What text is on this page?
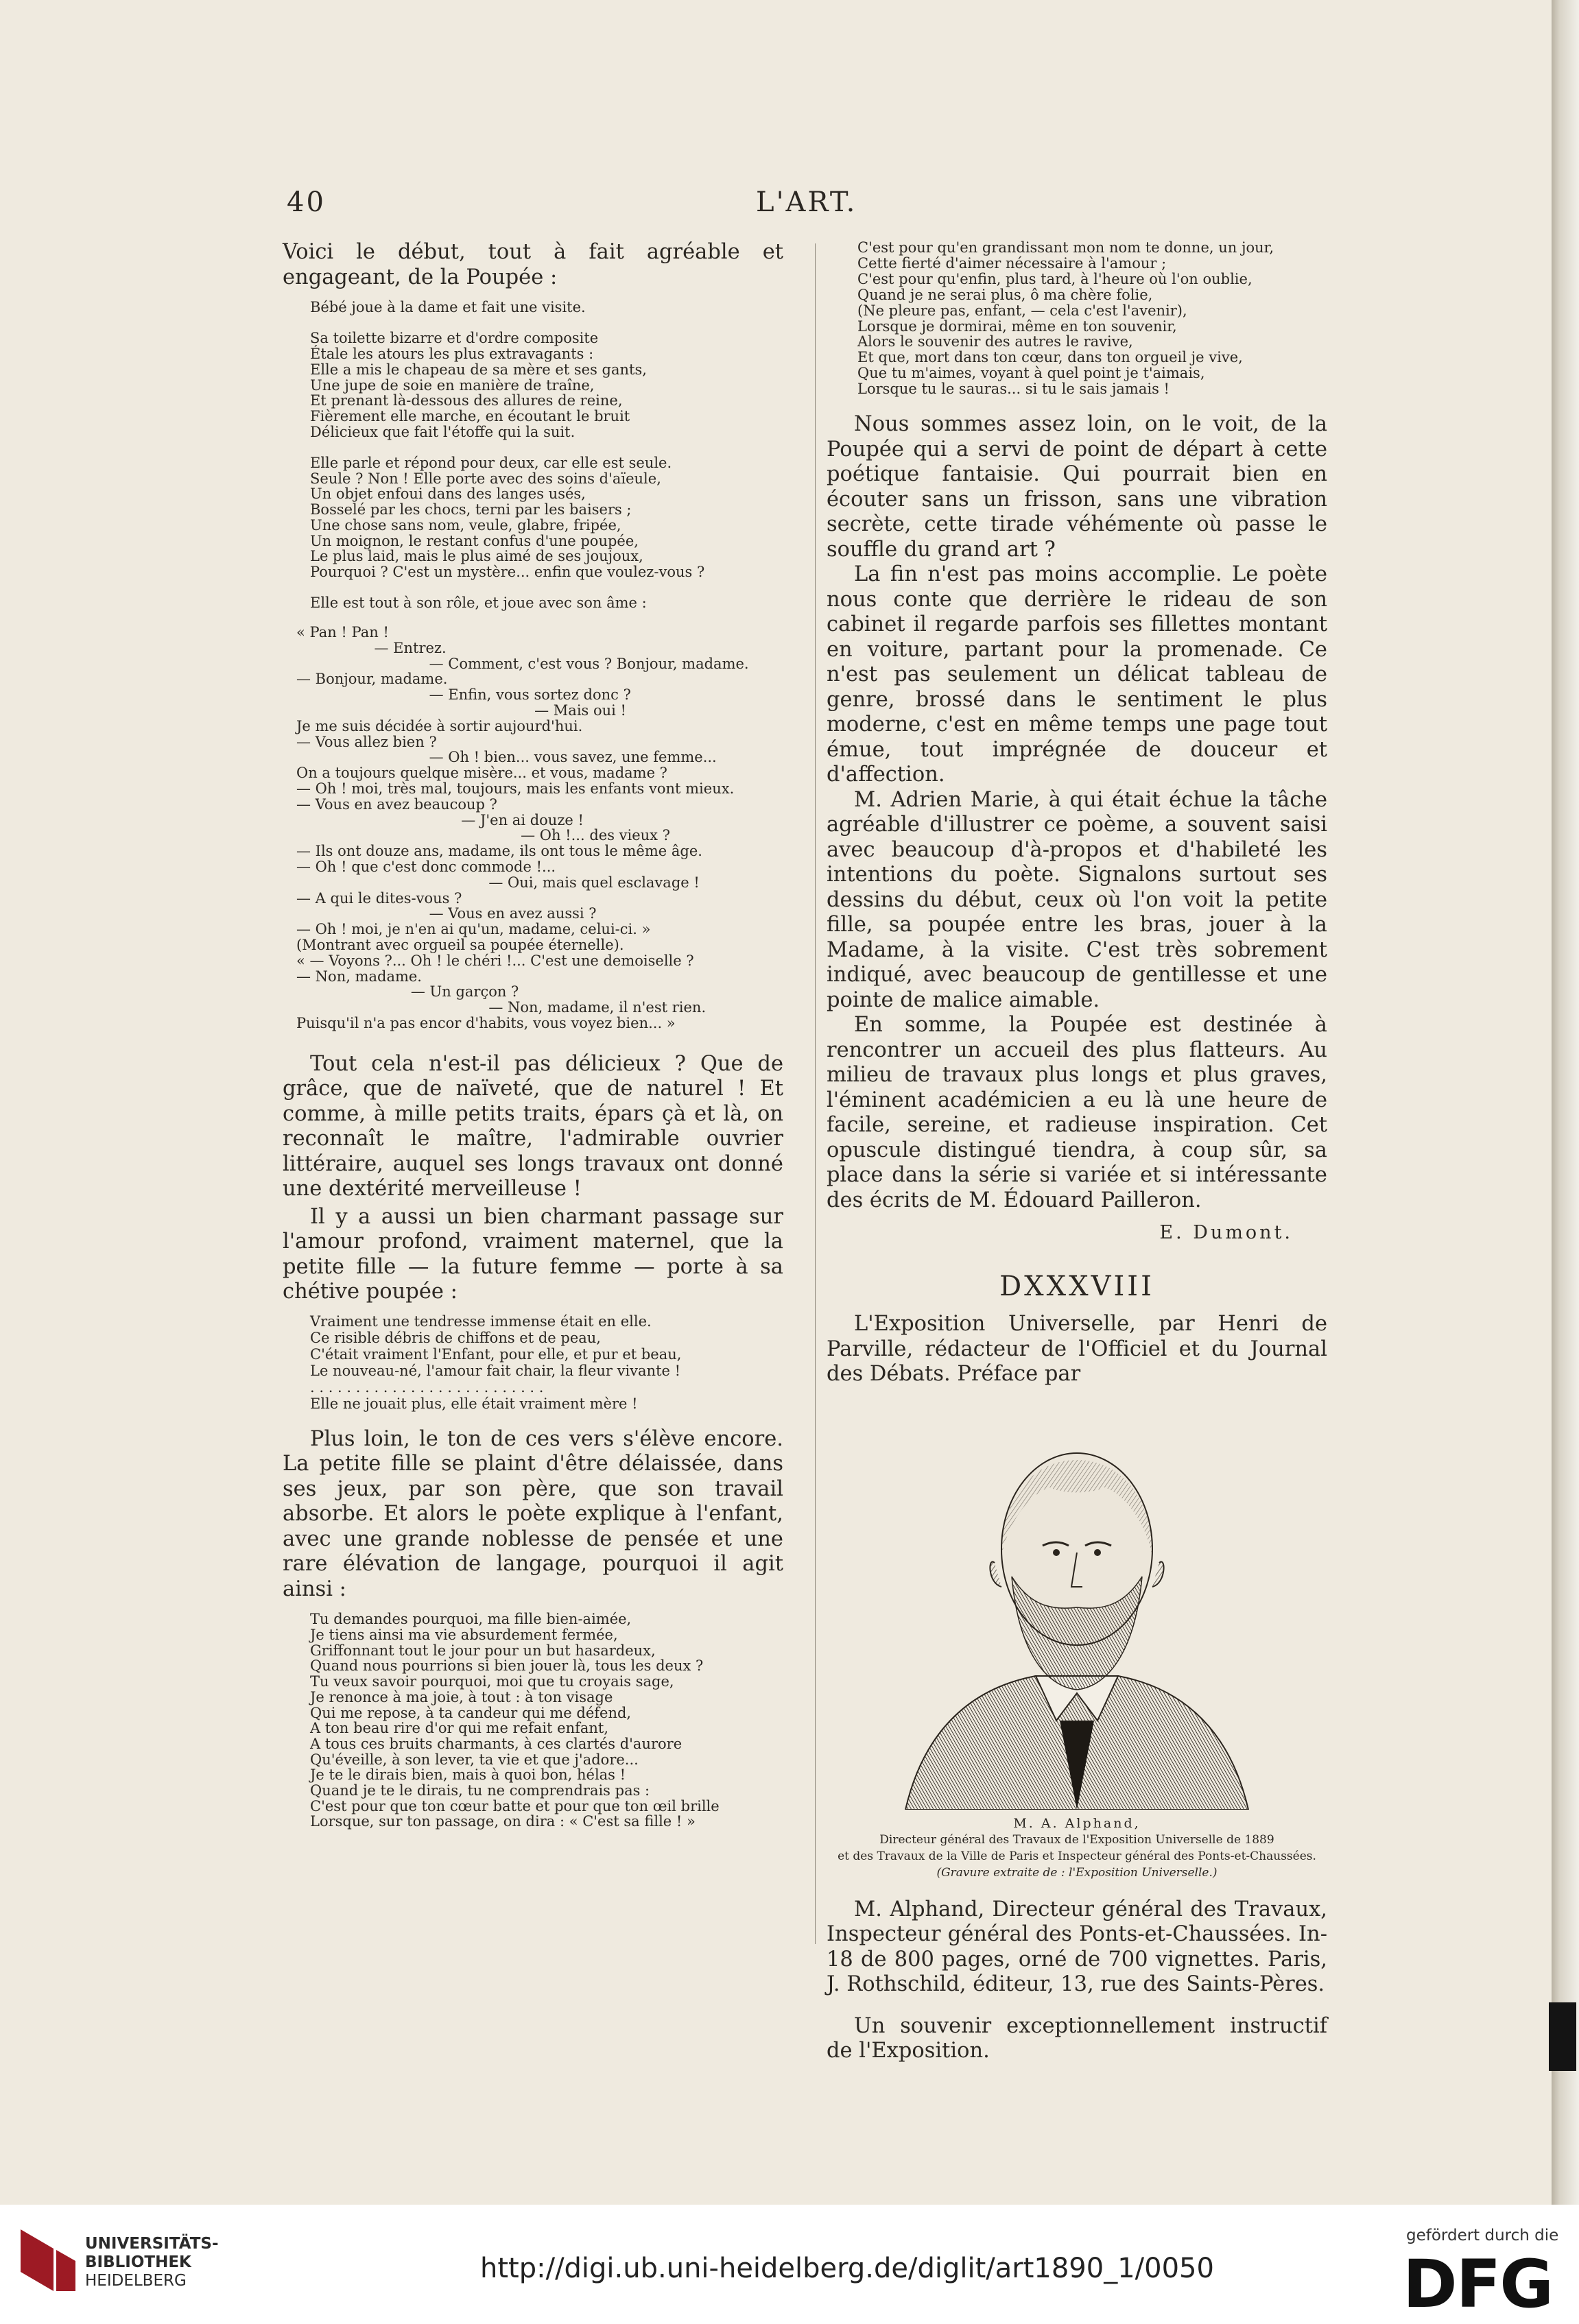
40	L'ART.

Voici le début, tout à fait agréable et engageant, de la Poupée :

Bébé joue à la dame et fait une visite.

Sa toilette bizarre et d'ordre composite
Étale les atours les plus extravagants :
Elle a mis le chapeau de sa mère et ses gants,
Une jupe de soie en manière de traîne,
Et prenant là-dessous des allures de reine,
Fièrement elle marche, en écoutant le bruit
Délicieux que fait l'étoffe qui la suit.

Elle parle et répond pour deux, car elle est seule.
Seule ? Non ! Elle porte avec des soins d'aïeule,
Un objet enfoui dans des langes usés,
Bosselé par les chocs, terni par les baisers ;
Une chose sans nom, veule, glabre, fripée,
Un moignon, le restant confus d'une poupée,
Le plus laid, mais le plus aimé de ses joujoux,
Pourquoi ? C'est un mystère... enfin que voulez-vous ?

Elle est tout à son rôle, et joue avec son âme :
« Pan ! Pan !
— Entrez.
— Comment, c'est vous ? Bonjour, madame.
— Bonjour, madame.
— Enfin, vous sortez donc ?
— Mais oui !
Je me suis décidée à sortir aujourd'hui.
— Vous allez bien ?
— Oh ! bien... vous savez, une femme...
On a toujours quelque misère... et vous, madame ?
— Oh ! moi, très mal, toujours, mais les enfants vont mieux.
— Vous en avez beaucoup ?
— J'en ai douze !
— Oh !... des vieux ?
— Ils ont douze ans, madame, ils ont tous le même âge.
— Oh ! que c'est donc commode !...
— Oui, mais quel esclavage !
— A qui le dites-vous ?
— Vous en avez aussi ?
— Oh ! moi, je n'en ai qu'un, madame, celui-ci. »
(Montrant avec orgueil sa poupée éternelle).
« — Voyons ?... Oh ! le chéri !... C'est une demoiselle ?
— Non, madame.
— Un garçon ?
— Non, madame, il n'est rien.
Puisqu'il n'a pas encor d'habits, vous voyez bien... »

Tout cela n'est-il pas délicieux ? Que de grâce, que de naïveté, que de naturel ! Et comme, à mille petits traits, épars çà et là, on reconnaît le maître, l'admirable ouvrier littéraire, auquel ses longs travaux ont donné une dextérité merveilleuse !

Il y a aussi un bien charmant passage sur l'amour profond, vraiment maternel, que la petite fille — la future femme — porte à sa chétive poupée :

Vraiment une tendresse immense était en elle.
Ce risible débris de chiffons et de peau,
C'était vraiment l'Enfant, pour elle, et pur et beau,
Le nouveau-né, l'amour fait chair, la fleur vivante !
. . . . . . . . . . . . . . . . . . . . . . . . . .
Elle ne jouait plus, elle était vraiment mère !

Plus loin, le ton de ces vers s'élève encore. La petite fille se plaint d'être délaissée, dans ses jeux, par son père, que son travail absorbe. Et alors le poète explique à l'enfant, avec une grande noblesse de pensée et une rare élévation de langage, pourquoi il agit ainsi :

Tu demandes pourquoi, ma fille bien-aimée,
Je tiens ainsi ma vie absurdement fermée,
Griffonnant tout le jour pour un but hasardeux,
Quand nous pourrions si bien jouer là, tous les deux ?
Tu veux savoir pourquoi, moi que tu croyais sage,
Je renonce à ma joie, à tout : à ton visage
Qui me repose, à ta candeur qui me défend,
A ton beau rire d'or qui me refait enfant,
A tous ces bruits charmants, à ces clartés d'aurore
Qu'éveille, à son lever, ta vie et que j'adore...
Je te le dirais bien, mais à quoi bon, hélas !
Quand je te le dirais, tu ne comprendrais pas :
C'est pour que ton cœur batte et pour que ton œil brille
Lorsque, sur ton passage, on dira : « C'est sa fille ! »
C'est pour qu'en grandissant mon nom te donne, un jour,
Cette fierté d'aimer nécessaire à l'amour ;
C'est pour qu'enfin, plus tard, à l'heure où l'on oublie,
Quand je ne serai plus, ô ma chère folie,
(Ne pleure pas, enfant, — cela c'est l'avenir),
Lorsque je dormirai, même en ton souvenir,
Alors le souvenir des autres le ravive,
Et que, mort dans ton cœur, dans ton orgueil je vive,
Que tu m'aimes, voyant à quel point je t'aimais,
Lorsque tu le sauras... si tu le sais jamais !

Nous sommes assez loin, on le voit, de la Poupée qui a servi de point de départ à cette poétique fantaisie. Qui pourrait bien en écouter sans un frisson, sans une vibration secrète, cette tirade véhémente où passe le souffle du grand art ?

La fin n'est pas moins accomplie. Le poète nous conte que derrière le rideau de son cabinet il regarde parfois ses fillettes montant en voiture, partant pour la promenade. Ce n'est pas seulement un délicat tableau de genre, brossé dans le sentiment le plus moderne, c'est en même temps une page tout émue, tout imprégnée de douceur et d'affection.

M. Adrien Marie, à qui était échue la tâche agréable d'illustrer ce poème, a souvent saisi avec beaucoup d'à-propos et d'habileté les intentions du poète. Signalons surtout ses dessins du début, ceux où l'on voit la petite fille, sa poupée entre les bras, jouer à la Madame, à la visite. C'est très sobrement indiqué, avec beaucoup de gentillesse et une pointe de malice aimable.

En somme, la Poupée est destinée à rencontrer un accueil des plus flatteurs. Au milieu de travaux plus longs et plus graves, l'éminent académicien a eu là une heure de facile, sereine, et radieuse inspiration. Cet opuscule distingué tiendra, à coup sûr, sa place dans la série si variée et si intéressante des écrits de M. Édouard Pailleron.

E. Dumont.
DXXXVIII

L'Exposition Universelle, par Henri de Parville, rédacteur de l'Officiel et du Journal des Débats. Préface par

M. A. Alphand,
Directeur général des Travaux de l'Exposition Universelle de 1889
et des Travaux de la Ville de Paris et Inspecteur général des Ponts-et-Chaussées.
(Gravure extraite de : l'Exposition Universelle.)

M. Alphand, Directeur général des Travaux, Inspecteur général des Ponts-et-Chaussées. In-18 de 800 pages, orné de 700 vignettes. Paris, J. Rothschild, éditeur, 13, rue des Saints-Pères.

Un souvenir exceptionnellement instructif de l'Exposition.

UNIVERSITÄTS-
BIBLIOTHEK
HEIDELBERG	http://digi.ub.uni-heidelberg.de/diglit/art1890_1/0050
gefördert durch die
DFG
